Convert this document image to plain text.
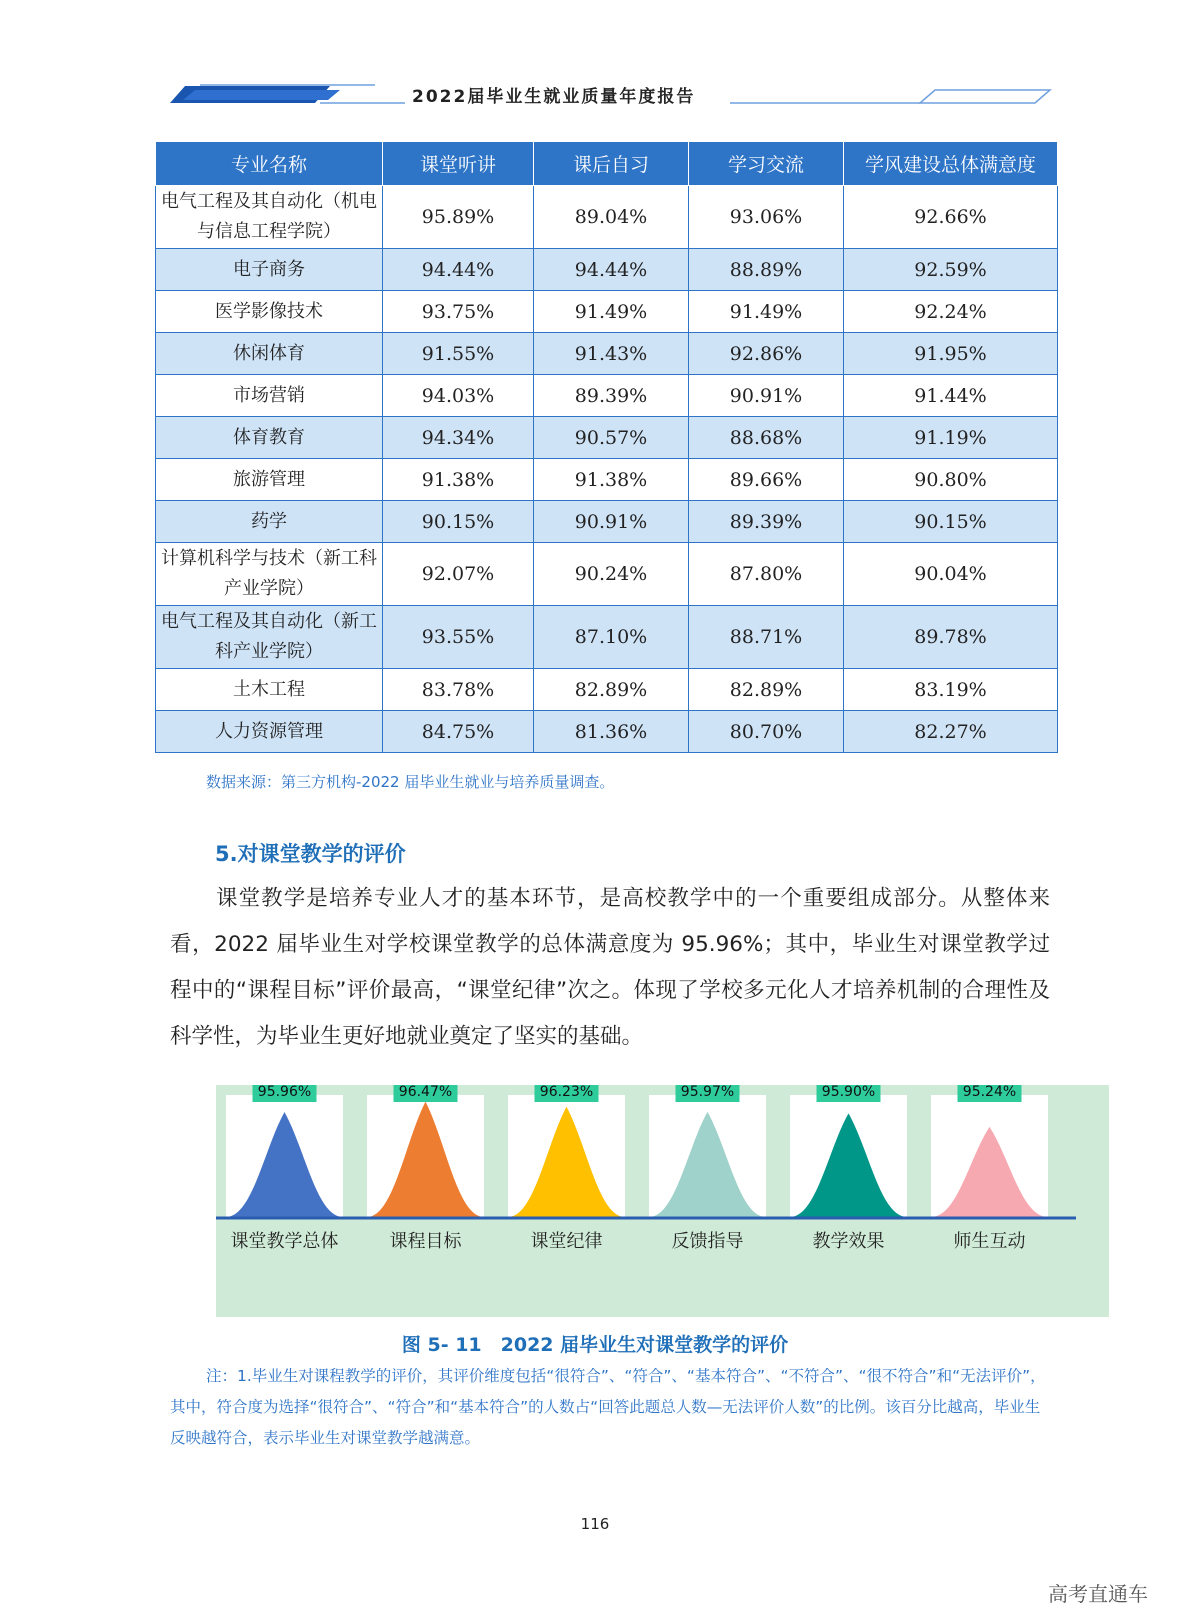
2022届毕业生就业质量年度报告
专业名称	课堂听讲	课后自习	学习交流	学风建设总体满意度
电气工程及其自动化（机电与信息工程学院）	95.89%	89.04%	93.06%	92.66%
电子商务	94.44%	94.44%	88.89%	92.59%
医学影像技术	93.75%	91.49%	91.49%	92.24%
休闲体育	91.55%	91.43%	92.86%	91.95%
市场营销	94.03%	89.39%	90.91%	91.44%
体育教育	94.34%	90.57%	88.68%	91.19%
旅游管理	91.38%	91.38%	89.66%	90.80%
药学	90.15%	90.91%	89.39%	90.15%
计算机科学与技术（新工科产业学院）	92.07%	90.24%	87.80%	90.04%
电气工程及其自动化（新工科产业学院）	93.55%	87.10%	88.71%	89.78%
土木工程	83.78%	82.89%	82.89%	83.19%
人力资源管理	84.75%	81.36%	80.70%	82.27%
数据来源：第三方机构-2022 届毕业生就业与培养质量调查。
5.对课堂教学的评价
课堂教学是培养专业人才的基本环节，是高校教学中的一个重要组成部分。从整体来看，2022 届毕业生对学校课堂教学的总体满意度为 95.96%；其中，毕业生对课堂教学过程中的“课程目标”评价最高，“课堂纪律”次之。体现了学校多元化人才培养机制的合理性及科学性，为毕业生更好地就业奠定了坚实的基础。
95.96%
课堂教学总体
96.47%
课程目标
96.23%
课堂纪律
95.97%
反馈指导
95.90%
教学效果
95.24%
师生互动
图 5- 11　2022 届毕业生对课堂教学的评价
注：1.毕业生对课程教学的评价，其评价维度包括“很符合”、“符合”、“基本符合”、“不符合”、“很不符合”和“无法评价”，其中，符合度为选择“很符合”、“符合”和“基本符合”的人数占“回答此题总人数—无法评价人数”的比例。该百分比越高，毕业生反映越符合，表示毕业生对课堂教学越满意。
116
高考直通车
